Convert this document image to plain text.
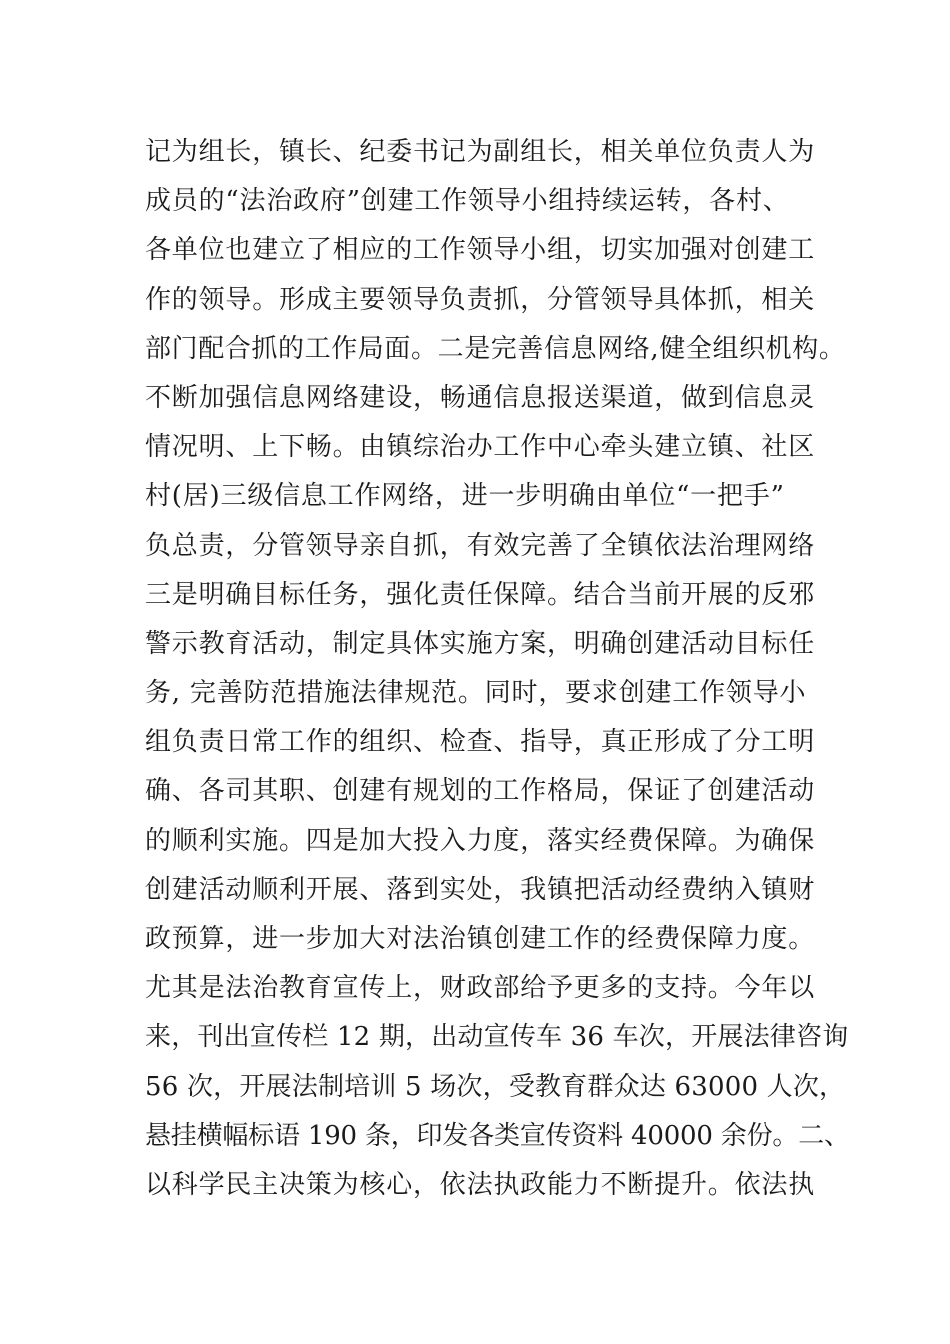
记为组长，镇长、纪委书记为副组长，相关单位负责人为
成员的“法治政府”创建工作领导小组持续运转，各村、
各单位也建立了相应的工作领导小组，切实加强对创建工
作的领导。形成主要领导负责抓，分管领导具体抓，相关
部门配合抓的工作局面。二是完善信息网络,健全组织机构。
不断加强信息网络建设，畅通信息报送渠道，做到信息灵
情况明、上下畅。由镇综治办工作中心牵头建立镇、社区
村(居)三级信息工作网络，进一步明确由单位“一把手”
负总责，分管领导亲自抓，有效完善了全镇依法治理网络
三是明确目标任务，强化责任保障。结合当前开展的反邪
警示教育活动，制定具体实施方案，明确创建活动目标任
务, 完善防范措施法律规范。同时，要求创建工作领导小
组负责日常工作的组织、检查、指导，真正形成了分工明
确、各司其职、创建有规划的工作格局，保证了创建活动
的顺利实施。四是加大投入力度，落实经费保障。为确保
创建活动顺利开展、落到实处，我镇把活动经费纳入镇财
政预算，进一步加大对法治镇创建工作的经费保障力度。
尤其是法治教育宣传上，财政部给予更多的支持。今年以
来，刊出宣传栏 12 期，出动宣传车 36 车次，开展法律咨询
56 次，开展法制培训 5 场次，受教育群众达 63000 人次，
悬挂横幅标语 190 条，印发各类宣传资料 40000 余份。二、
以科学民主决策为核心，依法执政能力不断提升。依法执
